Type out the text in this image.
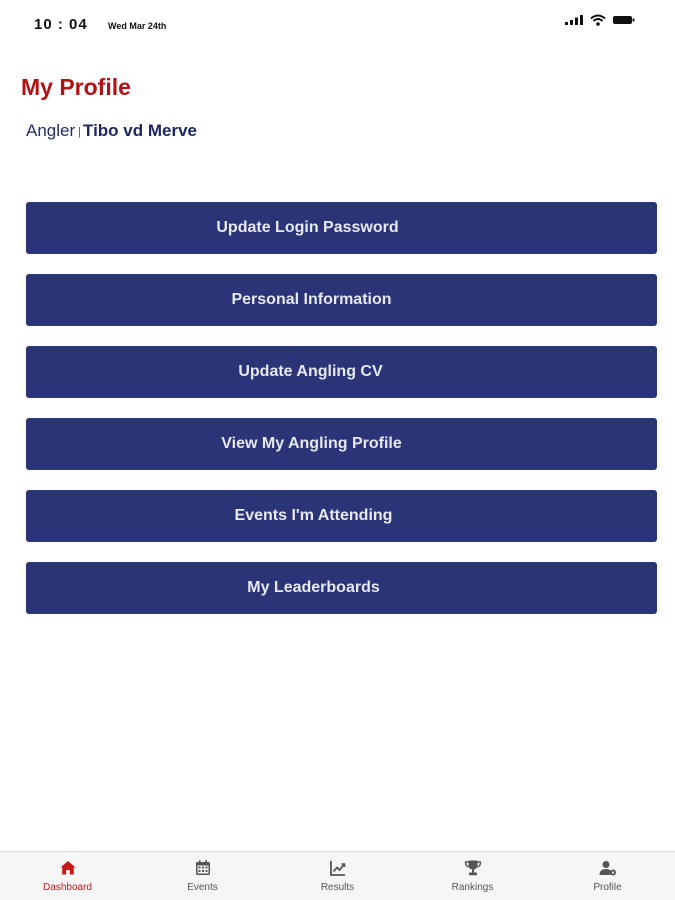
10 : 04 Wed Mar 24th
My Profile
Angler | Tibo vd Merve
Update Login Password
Personal Information
Update Angling CV
View My Angling Profile
Events I'm Attending
My Leaderboards
Dashboard	Events	Results	Rankings	Profile
